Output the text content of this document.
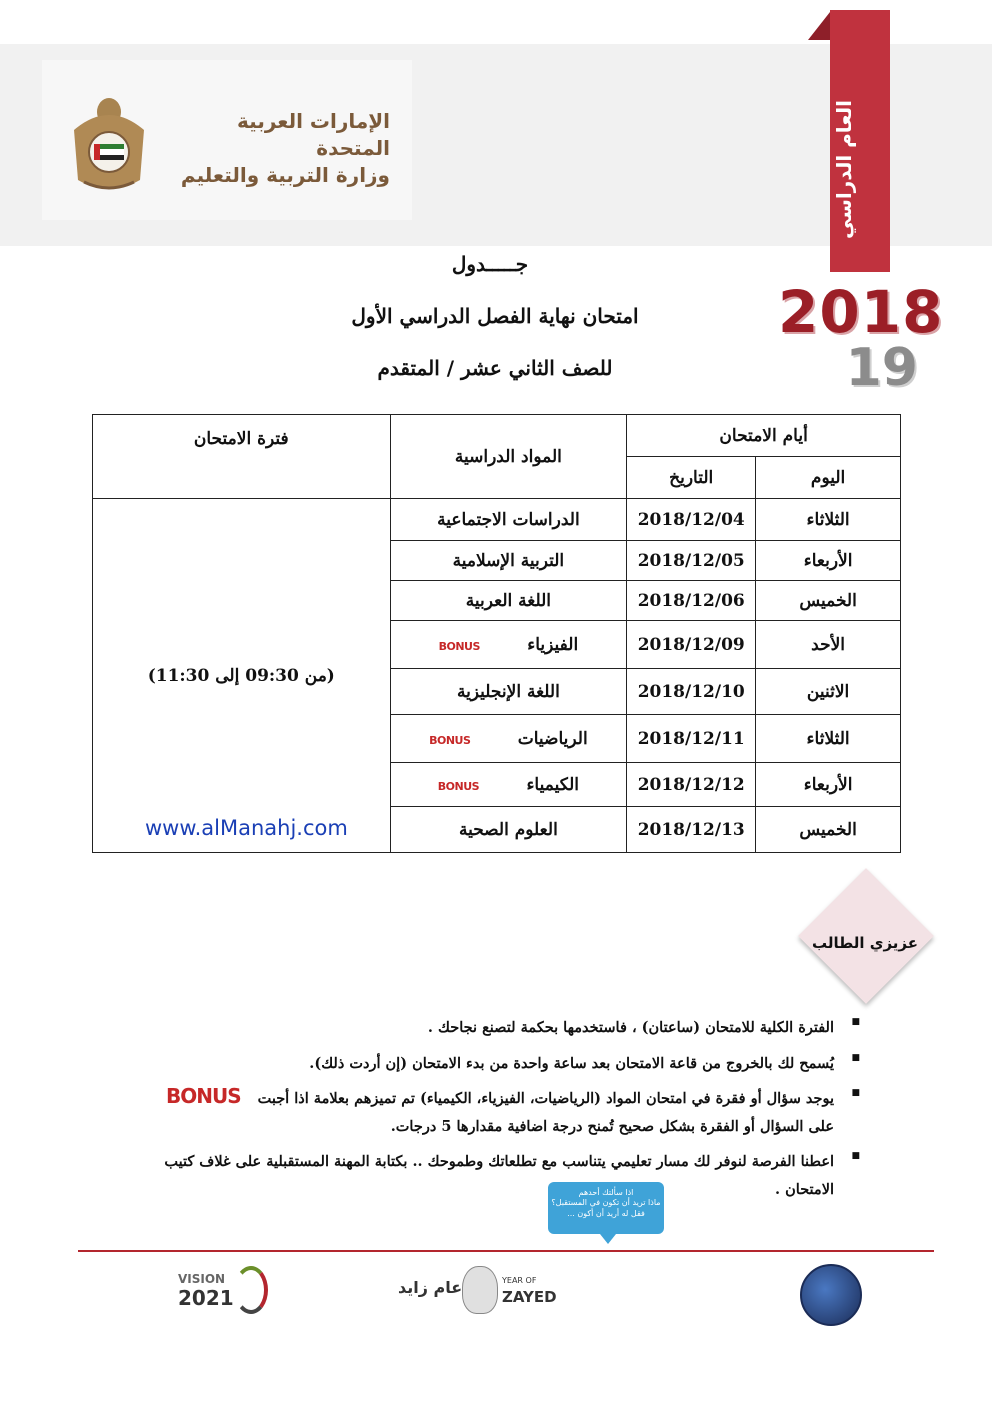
الإمارات العربية المتحدة
وزارة التربية والتعليم	العام الدراسي
2018
19
جـــــدول
امتحان نهاية الفصل الدراسي الأول
للصف الثاني عشر / المتقدم
أيام الامتحان		المواد الدراسية	فترة الامتحان
اليوم	التاريخ		
الثلاثاء	2018/12/04	الدراسات الاجتماعية	(من 09:30 إلى 11:30)
الأربعاء	2018/12/05	التربية الإسلامية	
الخميس	2018/12/06	اللغة العربية	
الأحد	2018/12/09	الفيزياء        BONUS	
الاثنين	2018/12/10	اللغة الإنجليزية	
الثلاثاء	2018/12/11	الرياضيات        BONUS	
الأربعاء	2018/12/12	الكيمياء        BONUS	
الخميس	2018/12/13	العلوم الصحية	
www.alManahj.com
عزيزي الطالب
■ الفترة الكلية للامتحان (ساعتان) ، فاستخدمها بحكمة لتصنع نجاحك .
■ يُسمح لك بالخروج من قاعة الامتحان بعد ساعة واحدة من بدء الامتحان (إن أردت ذلك).
■ يوجد سؤال أو فقرة في امتحان المواد (الرياضيات، الفيزياء، الكيمياء) تم تميزهم بعلامة اذا أجبت على السؤال أو الفقرة بشكل صحيح تُمنح درجة اضافية مقدارها 5 درجات.
■ اعطنا الفرصة لنوفر لك مسار تعليمي يتناسب مع تطلعاتك وطموحك .. بكتابة المهنة المستقبلية على غلاف كتيب الامتحان .
BONUS
اذا سألتك أحدهم
ماذا تريد أن تكون في المستقبل؟
فقل له أريد أن أكون ...
VISION
2021	عام زايد	YEAR OF
ZAYED
